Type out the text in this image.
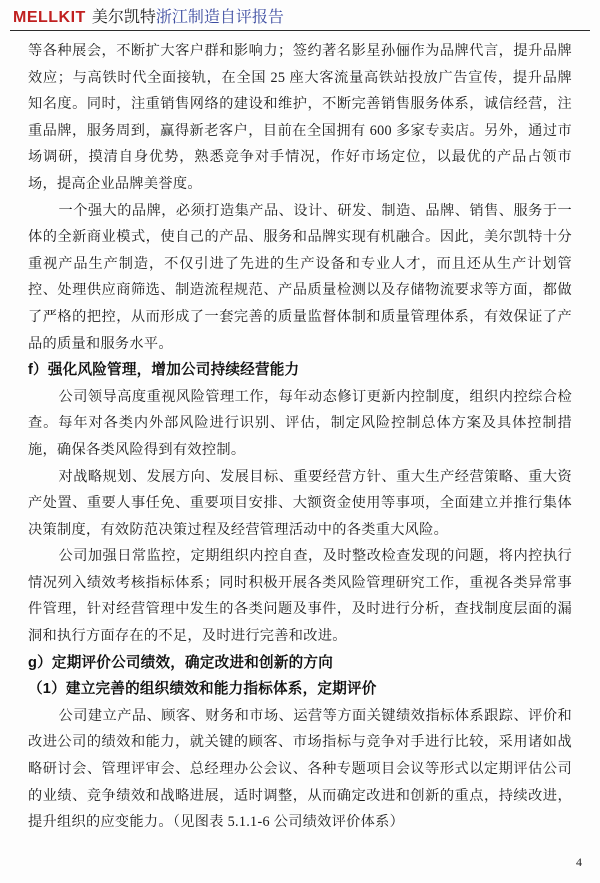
MELLKIT 美尔凯特浙江制造自评报告

等各种展会，不断扩大客户群和影响力；签约著名影星孙俪作为品牌代言，提升品牌效应；与高铁时代全面接轨，在全国 25 座大客流量高铁站投放广告宣传，提升品牌知名度。同时，注重销售网络的建设和维护，不断完善销售服务体系，诚信经营，注重品牌，服务周到，赢得新老客户，目前在全国拥有 600 多家专卖店。另外，通过市场调研，摸清自身优势，熟悉竞争对手情况，作好市场定位，以最优的产品占领市场，提高企业品牌美誉度。

一个强大的品牌，必须打造集产品、设计、研发、制造、品牌、销售、服务于一体的全新商业模式，使自己的产品、服务和品牌实现有机融合。因此，美尔凯特十分重视产品生产制造，不仅引进了先进的生产设备和专业人才，而且还从生产计划管控、处理供应商筛选、制造流程规范、产品质量检测以及存储物流要求等方面，都做了严格的把控，从而形成了一套完善的质量监督体制和质量管理体系，有效保证了产品的质量和服务水平。

f）强化风险管理，增加公司持续经营能力

公司领导高度重视风险管理工作，每年动态修订更新内控制度，组织内控综合检查。每年对各类内外部风险进行识别、评估，制定风险控制总体方案及具体控制措施，确保各类风险得到有效控制。

对战略规划、发展方向、发展目标、重要经营方针、重大生产经营策略、重大资产处置、重要人事任免、重要项目安排、大额资金使用等事项，全面建立并推行集体决策制度，有效防范决策过程及经营管理活动中的各类重大风险。

公司加强日常监控，定期组织内控自查，及时整改检查发现的问题，将内控执行情况列入绩效考核指标体系；同时积极开展各类风险管理研究工作，重视各类异常事件管理，针对经营管理中发生的各类问题及事件，及时进行分析，查找制度层面的漏洞和执行方面存在的不足，及时进行完善和改进。

g）定期评价公司绩效，确定改进和创新的方向
（1）建立完善的组织绩效和能力指标体系，定期评价

公司建立产品、顾客、财务和市场、运营等方面关键绩效指标体系跟踪、评价和改进公司的绩效和能力，就关键的顾客、市场指标与竞争对手进行比较，采用诸如战略研讨会、管理评审会、总经理办公会议、各种专题项目会议等形式以定期评估公司的业绩、竞争绩效和战略进展，适时调整，从而确定改进和创新的重点，持续改进，提升组织的应变能力。（见图表 5.1.1-6 公司绩效评价体系）

4
